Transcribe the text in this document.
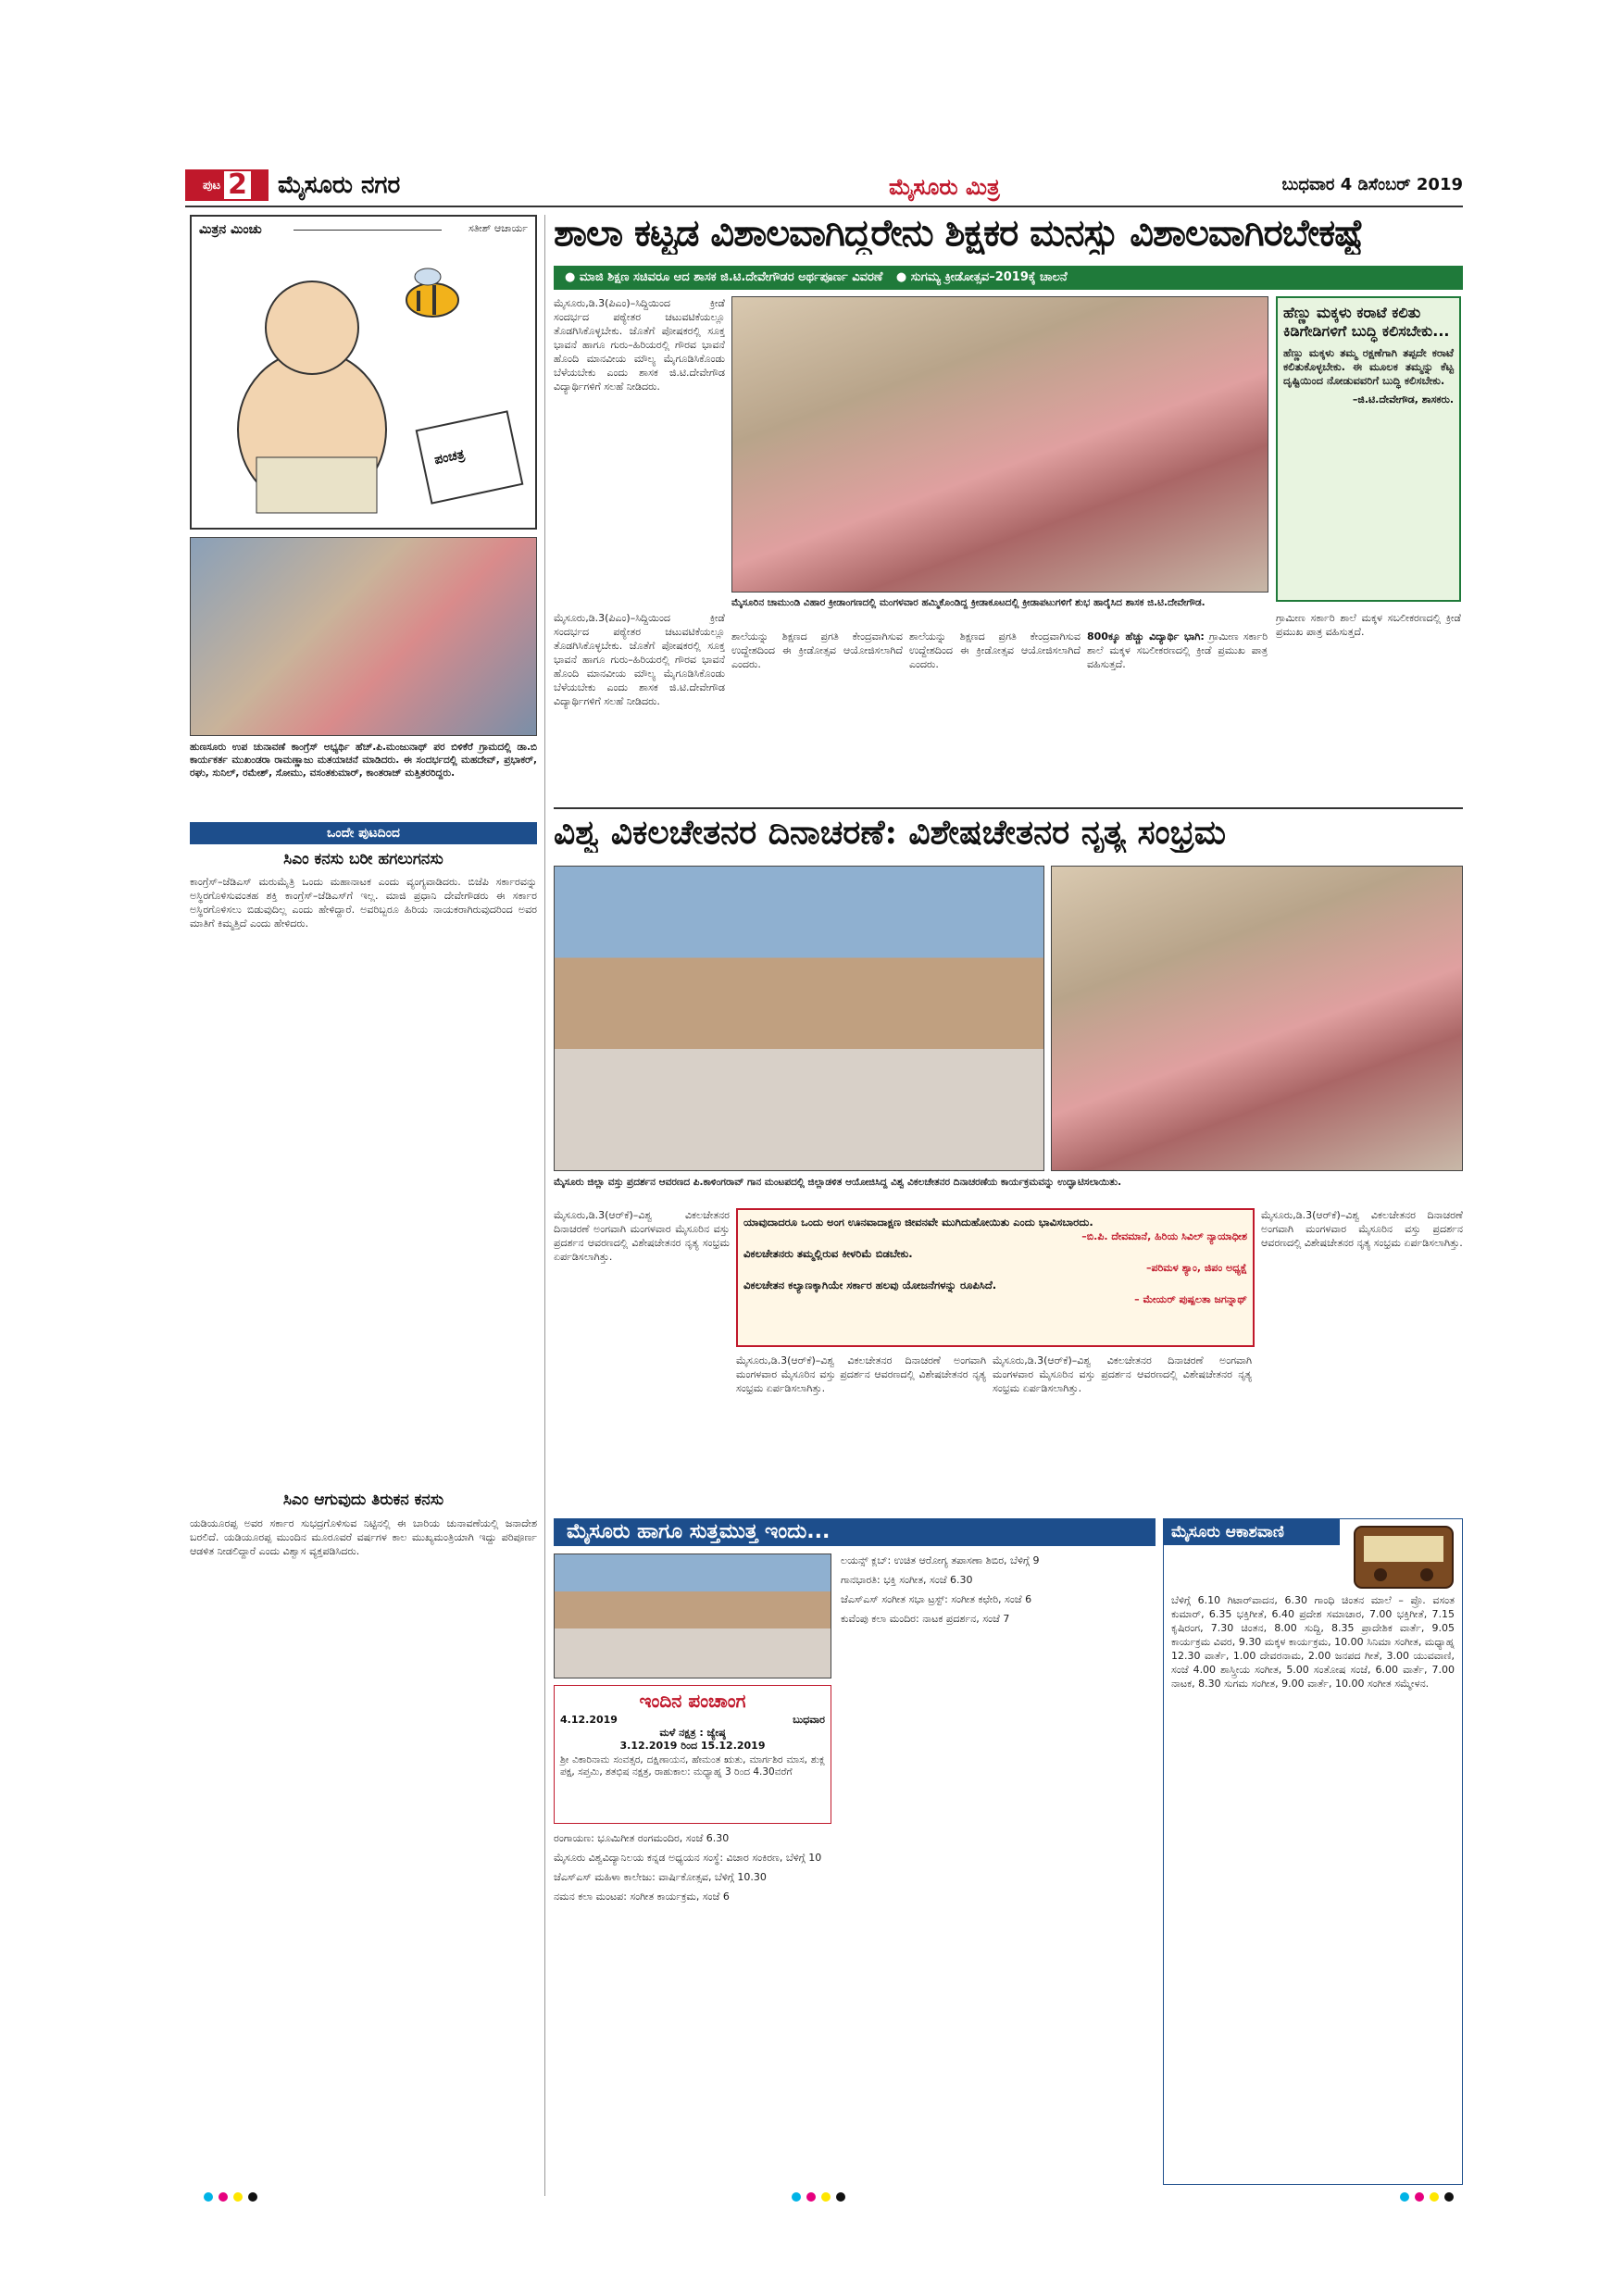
ಪುಟ 2 ಮೈಸೂರು ನಗರ	ಮೈಸೂರು ಮಿತ್ರ	ಬುಧವಾರ 4 ಡಿಸೆಂಬರ್ 2019
ಮಿತ್ರನ ಮಿಂಚು	ಸತೀಶ್ ಆಚಾರ್ಯ
ಪಂಚತ್ರ
ಹುಣಸೂರು ಉಪ ಚುನಾವಣೆ ಕಾಂಗ್ರೆಸ್ ಅಭ್ಯರ್ಥಿ ಹೆಚ್.ಪಿ.ಮಂಜುನಾಥ್ ಪರ ಬಿಳಿಕೆರೆ ಗ್ರಾಮದಲ್ಲಿ ಡಾ.ಬಿ ಕಾರ್ಯಕರ್ತ ಮುಖಂಡರಾ ರಾಮಣ್ಣಾಜು ಮತಯಾಚನೆ ಮಾಡಿದರು. ಈ ಸಂದರ್ಭದಲ್ಲಿ ಮಹದೇವ್, ಪ್ರಭಾಕರ್, ರಘು, ಸುನಿಲ್, ರಮೇಶ್, ಸೋಮು, ವಸಂತಕುಮಾರ್, ಕಾಂತರಾಜ್ ಮತ್ತಿತರರಿದ್ದರು.
ಒಂದೇ ಪುಟದಿಂದ
ಸಿಎಂ ಕನಸು ಬರೀ ಹಗಲುಗನಸು
ಕಾಂಗ್ರೆಸ್–ಜೆಡಿಎಸ್ ಮರುಮೈತ್ರಿ ಒಂದು ಮಹಾನಾಟಕ ಎಂದು ವ್ಯಂಗ್ಯವಾಡಿದರು. ಬಿಜೆಪಿ ಸರ್ಕಾರವನ್ನು ಅಸ್ಥಿರಗೊಳಿಸುವಂತಹ ಶಕ್ತಿ ಕಾಂಗ್ರೆಸ್–ಜೆಡಿಎಸ್‌ಗೆ ಇಲ್ಲ. ಮಾಜಿ ಪ್ರಧಾನಿ ದೇವೇಗೌಡರು ಈ ಸರ್ಕಾರ ಅಸ್ಥಿರಗೊಳಿಸಲು ಬಿಡುವುದಿಲ್ಲ ಎಂದು ಹೇಳಿದ್ದಾರೆ. ಅವರಿಬ್ಬರೂ ಹಿರಿಯ ನಾಯಕರಾಗಿರುವುದರಿಂದ ಅವರ ಮಾತಿಗೆ ಕಿಮ್ಮತ್ತಿದೆ ಎಂದು ಹೇಳಿದರು.
ಸಿಎಂ ಆಗುವುದು ತಿರುಕನ ಕನಸು
ಯಡಿಯೂರಪ್ಪ ಅವರ ಸರ್ಕಾರ ಸುಭದ್ರಗೊಳಿಸುವ ನಿಟ್ಟಿನಲ್ಲಿ ಈ ಬಾರಿಯ ಚುನಾವಣೆಯಲ್ಲಿ ಜನಾದೇಶ ಬರಲಿದೆ. ಯಡಿಯೂರಪ್ಪ ಮುಂದಿನ ಮೂರೂವರೆ ವರ್ಷಗಳ ಕಾಲ ಮುಖ್ಯಮಂತ್ರಿಯಾಗಿ ಇದ್ದು ಪರಿಪೂರ್ಣ ಆಡಳಿತ ನೀಡಲಿದ್ದಾರೆ ಎಂದು ವಿಶ್ವಾಸ ವ್ಯಕ್ತಪಡಿಸಿದರು.
ಶಾಲಾ ಕಟ್ಟಡ ವಿಶಾಲವಾಗಿದ್ದರೇನು ಶಿಕ್ಷಕರ ಮನಸ್ಸು ವಿಶಾಲವಾಗಿರಬೇಕಷ್ಟೆ
● ಮಾಜಿ ಶಿಕ್ಷಣ ಸಚಿವರೂ ಆದ ಶಾಸಕ ಜಿ.ಟಿ.ದೇವೇಗೌಡರ ಅರ್ಥಪೂರ್ಣ ವಿವರಣೆ ● ಸುಗಮ್ಯ ಕ್ರೀಡೋತ್ಸವ–2019ಕ್ಕೆ ಚಾಲನೆ
ಮೈಸೂರು,ಡಿ.3(ಪಿಎಂ)–ಸಿದ್ದಿಯಿಂದ ಕ್ರೀಡೆ ಸಂದರ್ಭದ ಪಠ್ಯೇತರ ಚಟುವಟಿಕೆಯಲ್ಲೂ ತೊಡಗಿಸಿಕೊಳ್ಳಬೇಕು. ಜೊತೆಗೆ ಪೋಷಕರಲ್ಲಿ ಸೂಕ್ತ ಭಾವನೆ ಹಾಗೂ ಗುರು–ಹಿರಿಯರಲ್ಲಿ ಗೌರವ ಭಾವನೆ ಹೊಂದಿ ಮಾನವೀಯ ಮೌಲ್ಯ ಮೈಗೂಡಿಸಿಕೊಂಡು ಬೆಳೆಯಬೇಕು ಎಂದು ಶಾಸಕ ಜಿ.ಟಿ.ದೇವೇಗೌಡ ವಿದ್ಯಾರ್ಥಿಗಳಿಗೆ ಸಲಹೆ ನೀಡಿದರು.
ಮೈಸೂರಿನ ಚಾಮುಂಡಿ ವಿಹಾರ ಕ್ರೀಡಾಂಗಣದಲ್ಲಿ ಮಂಗಳವಾರ ಹಮ್ಮಿಕೊಂಡಿದ್ದ ಕ್ರೀಡಾಕೂಟದಲ್ಲಿ ಕ್ರೀಡಾಪಟುಗಳಿಗೆ ಶುಭ ಹಾರೈಸಿದ ಶಾಸಕ ಜಿ.ಟಿ.ದೇವೇಗೌಡ.
ಮೈಸೂರು,ಡಿ.3(ಪಿಎಂ)–ಸಿದ್ದಿಯಿಂದ ಕ್ರೀಡೆ ಸಂದರ್ಭದ ಪಠ್ಯೇತರ ಚಟುವಟಿಕೆಯಲ್ಲೂ ತೊಡಗಿಸಿಕೊಳ್ಳಬೇಕು. ಜೊತೆಗೆ ಪೋಷಕರಲ್ಲಿ ಸೂಕ್ತ ಭಾವನೆ ಹಾಗೂ ಗುರು–ಹಿರಿಯರಲ್ಲಿ ಗೌರವ ಭಾವನೆ ಹೊಂದಿ ಮಾನವೀಯ ಮೌಲ್ಯ ಮೈಗೂಡಿಸಿಕೊಂಡು ಬೆಳೆಯಬೇಕು ಎಂದು ಶಾಸಕ ಜಿ.ಟಿ.ದೇವೇಗೌಡ ವಿದ್ಯಾರ್ಥಿಗಳಿಗೆ ಸಲಹೆ ನೀಡಿದರು.
ಶಾಲೆಯನ್ನು ಶಿಕ್ಷಣದ ಪ್ರಗತಿ ಕೇಂದ್ರವಾಗಿಸುವ ಉದ್ದೇಶದಿಂದ ಈ ಕ್ರೀಡೋತ್ಸವ ಆಯೋಜಿಸಲಾಗಿದೆ ಎಂದರು.
ಶಾಲೆಯನ್ನು ಶಿಕ್ಷಣದ ಪ್ರಗತಿ ಕೇಂದ್ರವಾಗಿಸುವ ಉದ್ದೇಶದಿಂದ ಈ ಕ್ರೀಡೋತ್ಸವ ಆಯೋಜಿಸಲಾಗಿದೆ ಎಂದರು.
800ಕ್ಕೂ ಹೆಚ್ಚು ವಿದ್ಯಾರ್ಥಿ ಭಾಗಿ: ಗ್ರಾಮೀಣ ಸರ್ಕಾರಿ ಶಾಲೆ ಮಕ್ಕಳ ಸಬಲೀಕರಣದಲ್ಲಿ ಕ್ರೀಡೆ ಪ್ರಮುಖ ಪಾತ್ರ ವಹಿಸುತ್ತದೆ.
ಹೆಣ್ಣು ಮಕ್ಕಳು ಕರಾಟೆ ಕಲಿತು ಕಿಡಿಗೇಡಿಗಳಿಗೆ ಬುದ್ಧಿ ಕಲಿಸಬೇಕು...
ಹೆಣ್ಣು ಮಕ್ಕಳು ತಮ್ಮ ರಕ್ಷಣೆಗಾಗಿ ತಪ್ಪದೇ ಕರಾಟೆ ಕಲಿತುಕೊಳ್ಳಬೇಕು. ಈ ಮೂಲಕ ತಮ್ಮನ್ನು ಕೆಟ್ಟ ದೃಷ್ಟಿಯಿಂದ ನೋಡುವವರಿಗೆ ಬುದ್ಧಿ ಕಲಿಸಬೇಕು.
–ಜಿ.ಟಿ.ದೇವೇಗೌಡ, ಶಾಸಕರು.
ಗ್ರಾಮೀಣ ಸರ್ಕಾರಿ ಶಾಲೆ ಮಕ್ಕಳ ಸಬಲೀಕರಣದಲ್ಲಿ ಕ್ರೀಡೆ ಪ್ರಮುಖ ಪಾತ್ರ ವಹಿಸುತ್ತದೆ.
ವಿಶ್ವ ವಿಕಲಚೇತನರ ದಿನಾಚರಣೆ: ವಿಶೇಷಚೇತನರ ನೃತ್ಯ ಸಂಭ್ರಮ
ಮೈಸೂರು ಜಿಲ್ಲಾ ವಸ್ತು ಪ್ರದರ್ಶನ ಆವರಣದ ಪಿ.ಕಾಳಿಂಗರಾವ್ ಗಾನ ಮಂಟಪದಲ್ಲಿ ಜಿಲ್ಲಾಡಳಿತ ಆಯೋಜಿಸಿದ್ದ ವಿಶ್ವ ವಿಕಲಚೇತನರ ದಿನಾಚರಣೆಯ ಕಾರ್ಯಕ್ರಮವನ್ನು ಉದ್ಘಾಟಿಸಲಾಯಿತು.
ಮೈಸೂರು,ಡಿ.3(ಆರ್‌ಕೆ)–ವಿಶ್ವ ವಿಕಲಚೇತನರ ದಿನಾಚರಣೆ ಅಂಗವಾಗಿ ಮಂಗಳವಾರ ಮೈಸೂರಿನ ವಸ್ತು ಪ್ರದರ್ಶನ ಆವರಣದಲ್ಲಿ ವಿಶೇಷಚೇತನರ ನೃತ್ಯ ಸಂಭ್ರಮ ಏರ್ಪಡಿಸಲಾಗಿತ್ತು.
ಯಾವುದಾದರೂ ಒಂದು ಅಂಗ ಊನವಾದಾಕ್ಷಣ ಜೀವನವೇ ಮುಗಿದುಹೋಯಿತು ಎಂದು ಭಾವಿಸಬಾರದು.
–ಬಿ.ಪಿ. ದೇವಮಾನೆ, ಹಿರಿಯ ಸಿವಿಲ್ ನ್ಯಾಯಾಧೀಶ
ವಿಕಲಚೇತನರು ತಮ್ಮಲ್ಲಿರುವ ಕೀಳರಿಮೆ ಬಿಡಬೇಕು.
–ಪರಿಮಳ ಶ್ಯಾಂ, ಜಿಪಂ ಅಧ್ಯಕ್ಷೆ
ವಿಕಲಚೇತನ ಕಲ್ಯಾಣಕ್ಕಾಗಿಯೇ ಸರ್ಕಾರ ಹಲವು ಯೋಜನೆಗಳನ್ನು ರೂಪಿಸಿದೆ.
– ಮೇಯರ್ ಪುಷ್ಪಲತಾ ಜಗನ್ನಾಥ್
ಮೈಸೂರು,ಡಿ.3(ಆರ್‌ಕೆ)–ವಿಶ್ವ ವಿಕಲಚೇತನರ ದಿನಾಚರಣೆ ಅಂಗವಾಗಿ ಮಂಗಳವಾರ ಮೈಸೂರಿನ ವಸ್ತು ಪ್ರದರ್ಶನ ಆವರಣದಲ್ಲಿ ವಿಶೇಷಚೇತನರ ನೃತ್ಯ ಸಂಭ್ರಮ ಏರ್ಪಡಿಸಲಾಗಿತ್ತು.
ಮೈಸೂರು,ಡಿ.3(ಆರ್‌ಕೆ)–ವಿಶ್ವ ವಿಕಲಚೇತನರ ದಿನಾಚರಣೆ ಅಂಗವಾಗಿ ಮಂಗಳವಾರ ಮೈಸೂರಿನ ವಸ್ತು ಪ್ರದರ್ಶನ ಆವರಣದಲ್ಲಿ ವಿಶೇಷಚೇತನರ ನೃತ್ಯ ಸಂಭ್ರಮ ಏರ್ಪಡಿಸಲಾಗಿತ್ತು.
ಮೈಸೂರು,ಡಿ.3(ಆರ್‌ಕೆ)–ವಿಶ್ವ ವಿಕಲಚೇತನರ ದಿನಾಚರಣೆ ಅಂಗವಾಗಿ ಮಂಗಳವಾರ ಮೈಸೂರಿನ ವಸ್ತು ಪ್ರದರ್ಶನ ಆವರಣದಲ್ಲಿ ವಿಶೇಷಚೇತನರ ನೃತ್ಯ ಸಂಭ್ರಮ ಏರ್ಪಡಿಸಲಾಗಿತ್ತು.
ಮೈಸೂರು ಹಾಗೂ ಸುತ್ತಮುತ್ತ ಇಂದು...
ಇಂದಿನ ಪಂಚಾಂಗ
4.12.2019	ಬುಧವಾರ
ಮಳೆ ನಕ್ಷತ್ರ : ಜ್ಯೇಷ್ಠ
3.12.2019 ರಿಂದ 15.12.2019
ಶ್ರೀ ವಿಕಾರಿನಾಮ ಸಂವತ್ಸರ, ದಕ್ಷಿಣಾಯನ, ಹೇಮಂತ ಋತು, ಮಾರ್ಗಶಿರ ಮಾಸ, ಶುಕ್ಲ ಪಕ್ಷ, ಸಪ್ತಮಿ, ಶತಭಿಷ ನಕ್ಷತ್ರ, ರಾಹುಕಾಲ: ಮಧ್ಯಾಹ್ನ 3 ರಿಂದ 4.30ವರೆಗೆ
ರಂಗಾಯಣ: ಭೂಮಿಗೀತ ರಂಗಮಂದಿರ, ಸಂಜೆ 6.30
ಮೈಸೂರು ವಿಶ್ವವಿದ್ಯಾನಿಲಯ ಕನ್ನಡ ಅಧ್ಯಯನ ಸಂಸ್ಥೆ: ವಿಚಾರ ಸಂಕಿರಣ, ಬೆಳಿಗ್ಗೆ 10
ಜೆಎಸ್ಎಸ್ ಮಹಿಳಾ ಕಾಲೇಜು: ವಾರ್ಷಿಕೋತ್ಸವ, ಬೆಳಿಗ್ಗೆ 10.30
ನಮನ ಕಲಾ ಮಂಟಪ: ಸಂಗೀತ ಕಾರ್ಯಕ್ರಮ, ಸಂಜೆ 6
ಲಯನ್ಸ್ ಕ್ಲಬ್: ಉಚಿತ ಆರೋಗ್ಯ ತಪಾಸಣಾ ಶಿಬಿರ, ಬೆಳಿಗ್ಗೆ 9
ಗಾನಭಾರತಿ: ಭಕ್ತಿ ಸಂಗೀತ, ಸಂಜೆ 6.30
ಜೆಎಸ್ಎಸ್ ಸಂಗೀತ ಸಭಾ ಟ್ರಸ್ಟ್: ಸಂಗೀತ ಕಛೇರಿ, ಸಂಜೆ 6
ಕುವೆಂಪು ಕಲಾ ಮಂದಿರ: ನಾಟಕ ಪ್ರದರ್ಶನ, ಸಂಜೆ 7
ಮೈಸೂರು ಆಕಾಶವಾಣಿ
ಬೆಳಿಗ್ಗೆ 6.10 ಗಿಟಾರ್‌ವಾದನ, 6.30 ಗಾಂಧಿ ಚಿಂತನ ಮಾಲೆ – ಪ್ರೊ. ವಸಂತ ಕುಮಾರ್, 6.35 ಭಕ್ತಿಗೀತೆ, 6.40 ಪ್ರದೇಶ ಸಮಾಚಾರ, 7.00 ಭಕ್ತಿಗೀತೆ, 7.15 ಕೃಷಿರಂಗ, 7.30 ಚಿಂತನ, 8.00 ಸುದ್ದಿ, 8.35 ಪ್ರಾದೇಶಿಕ ವಾರ್ತೆ, 9.05 ಕಾರ್ಯಕ್ರಮ ವಿವರ, 9.30 ಮಕ್ಕಳ ಕಾರ್ಯಕ್ರಮ, 10.00 ಸಿನಿಮಾ ಸಂಗೀತ, ಮಧ್ಯಾಹ್ನ 12.30 ವಾರ್ತೆ, 1.00 ದೇವರನಾಮ, 2.00 ಜನಪದ ಗೀತೆ, 3.00 ಯುವವಾಣಿ, ಸಂಜೆ 4.00 ಶಾಸ್ತ್ರೀಯ ಸಂಗೀತ, 5.00 ಸಂತೋಷ ಸಂಜೆ, 6.00 ವಾರ್ತೆ, 7.00 ನಾಟಕ, 8.30 ಸುಗಮ ಸಂಗೀತ, 9.00 ವಾರ್ತೆ, 10.00 ಸಂಗೀತ ಸಮ್ಮೇಳನ.
